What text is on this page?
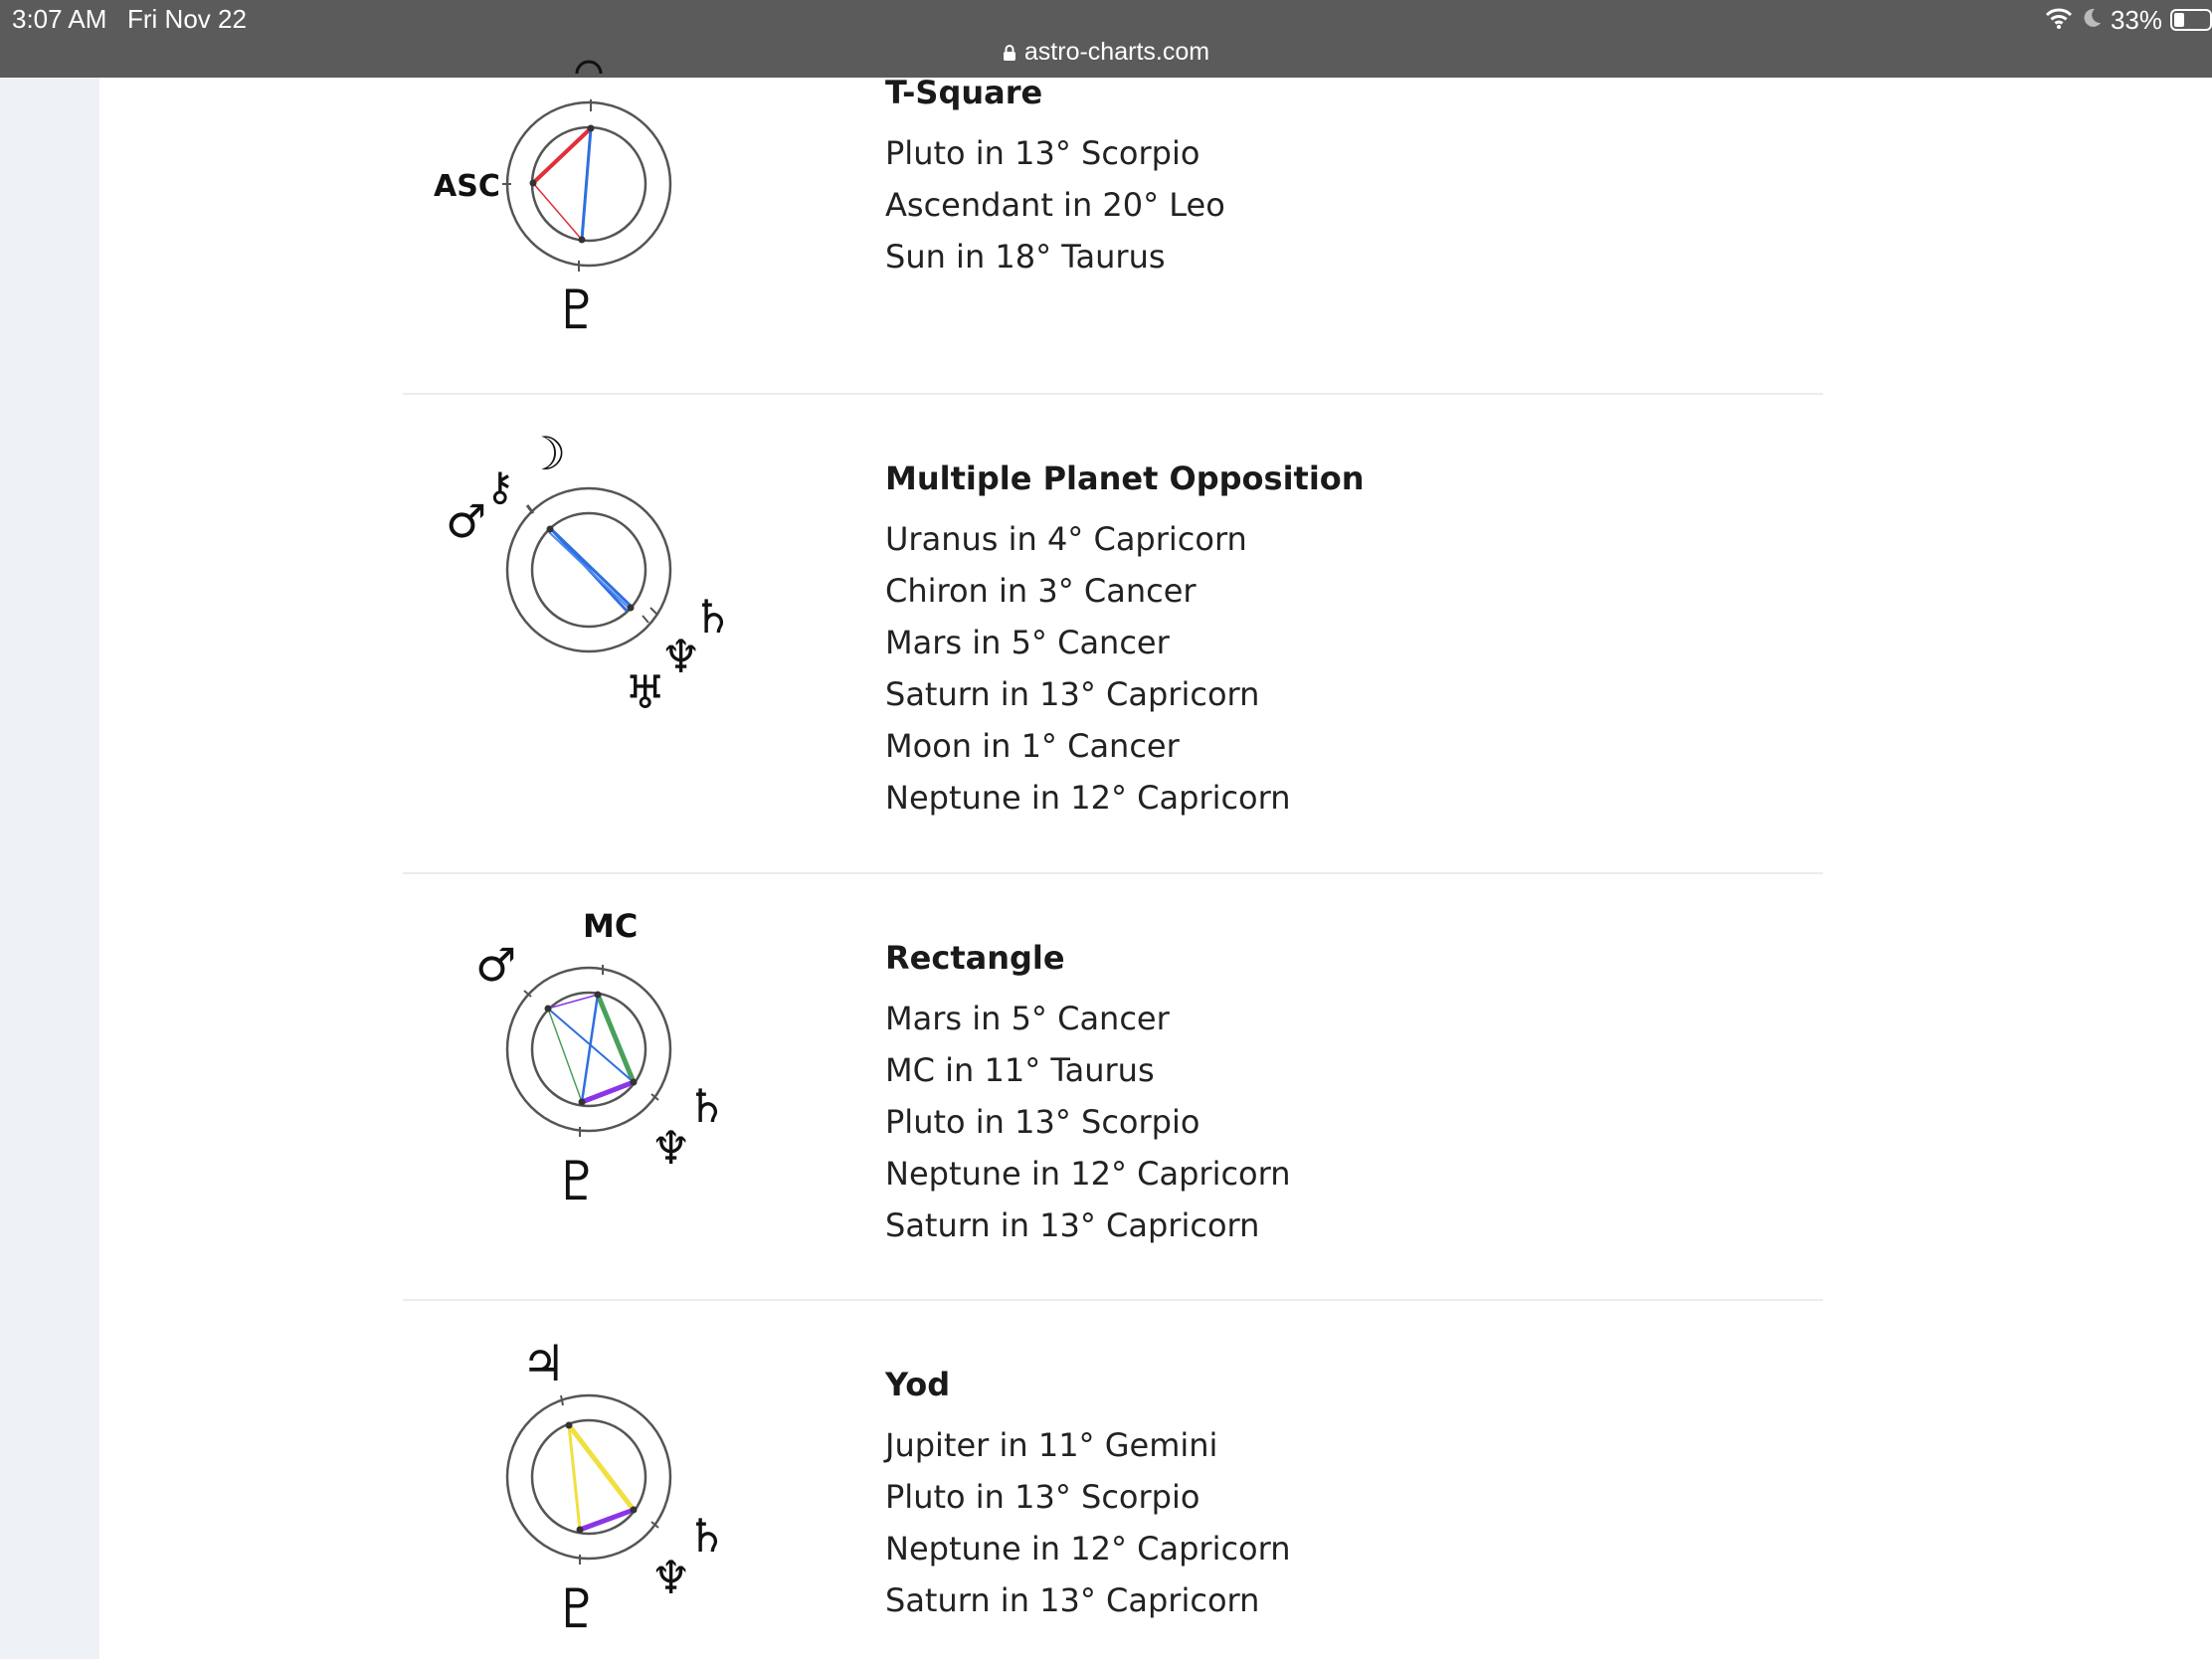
3:07 AM Fri Nov 22
astro-charts.com
33%
ASC
♇
T-Square

Pluto in 13° Scorpio

Ascendant in 20° Leo

Sun in 18° Taurus

☽
⚷
♂
♄
♆
♅
Multiple Planet Opposition

Uranus in 4° Capricorn

Chiron in 3° Cancer

Mars in 5° Cancer

Saturn in 13° Capricorn

Moon in 1° Cancer

Neptune in 12° Capricorn

MC
♂
♄
♆
♇
Rectangle

Mars in 5° Cancer

MC in 11° Taurus

Pluto in 13° Scorpio

Neptune in 12° Capricorn

Saturn in 13° Capricorn

♃
♄
♆
♇
Yod

Jupiter in 11° Gemini

Pluto in 13° Scorpio

Neptune in 12° Capricorn

Saturn in 13° Capricorn
